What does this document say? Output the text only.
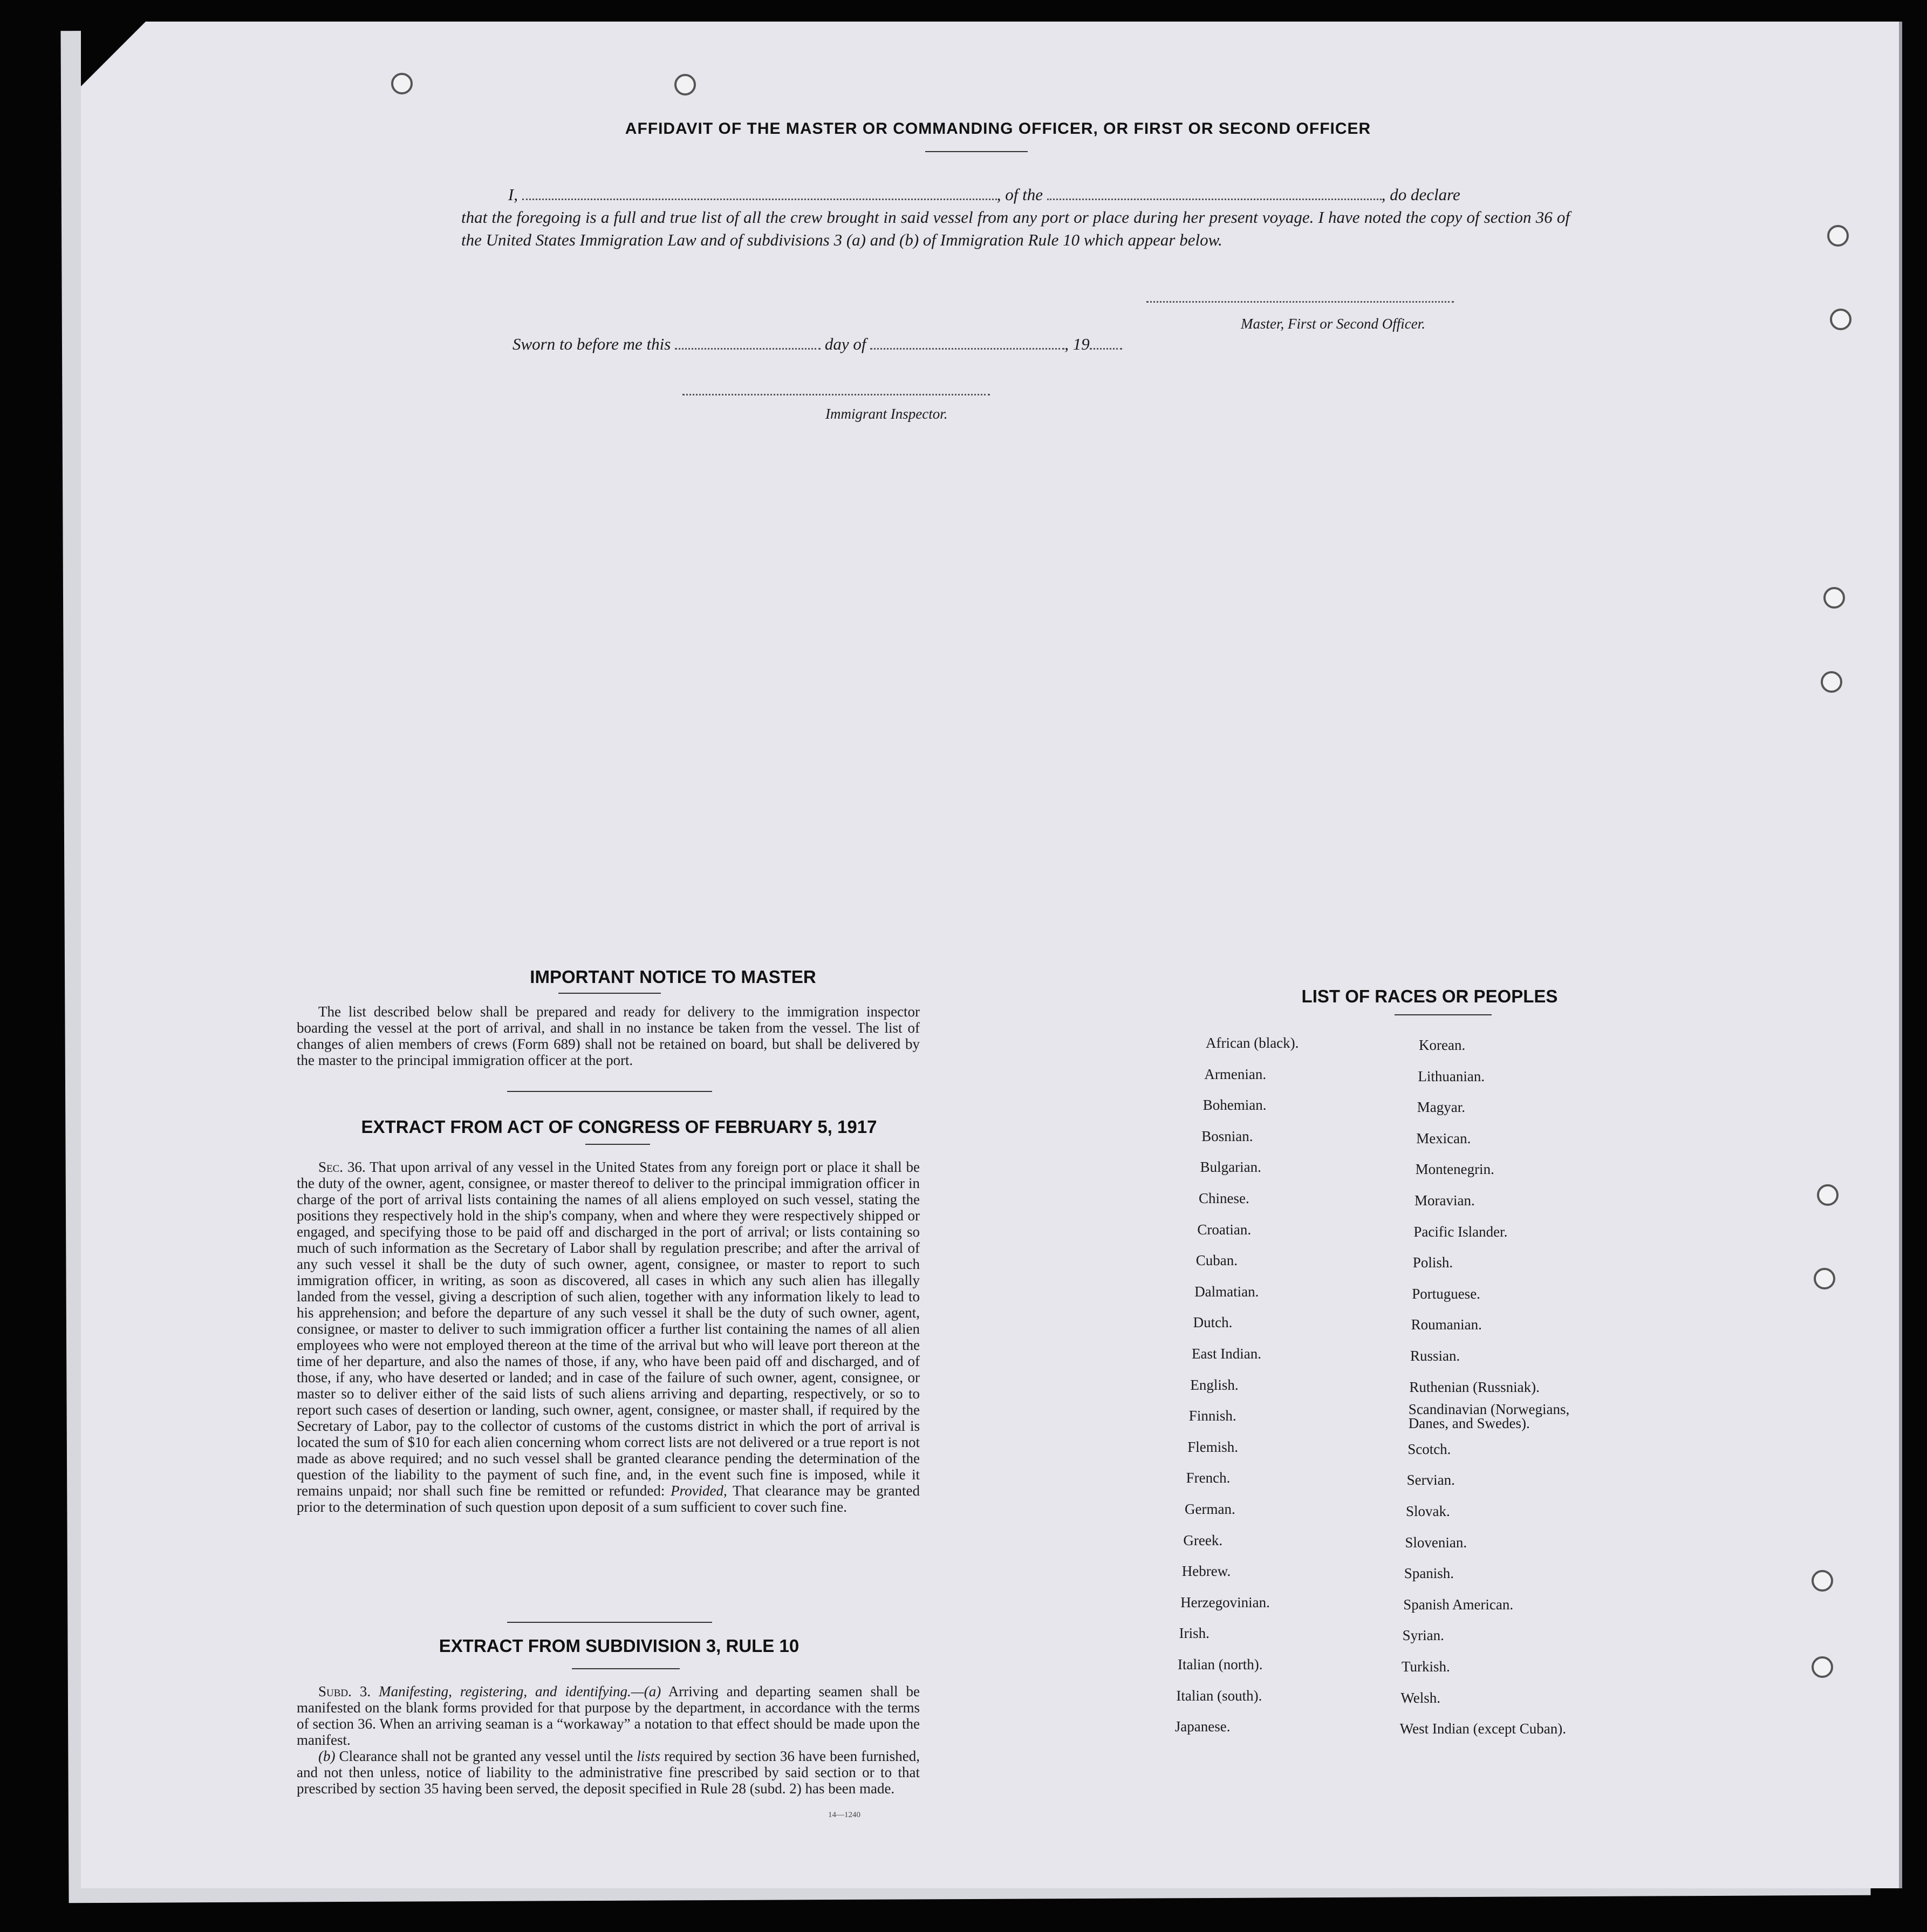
AFFIDAVIT OF THE MASTER OR COMMANDING OFFICER, OR FIRST OR SECOND OFFICER
I,	, of the	, do declare
that the foregoing is a full and true list of all the crew brought in said vessel from any port or place during her present voyage. I have noted the copy of section 36 of the United States Immigration Law and of subdivisions 3 (a) and (b) of Immigration Rule 10 which appear below.
Master, First or Second Officer.
Sworn to before me this	day of	, 19
Immigrant Inspector.
IMPORTANT NOTICE TO MASTER
The list described below shall be prepared and ready for delivery to the immigration inspector boarding the vessel at the port of arrival, and shall in no instance be taken from the vessel. The list of changes of alien members of crews (Form 689) shall not be retained on board, but shall be delivered by the master to the principal immigration officer at the port.
EXTRACT FROM ACT OF CONGRESS OF FEBRUARY 5, 1917
Sec. 36. That upon arrival of any vessel in the United States from any foreign port or place it shall be the duty of the owner, agent, consignee, or master thereof to deliver to the principal immigration officer in charge of the port of arrival lists containing the names of all aliens employed on such vessel, stating the positions they respectively hold in the ship's company, when and where they were respectively shipped or engaged, and specifying those to be paid off and discharged in the port of arrival; or lists containing so much of such information as the Secretary of Labor shall by regulation prescribe; and after the arrival of any such vessel it shall be the duty of such owner, agent, consignee, or master to report to such immigration officer, in writing, as soon as discovered, all cases in which any such alien has illegally landed from the vessel, giving a description of such alien, together with any information likely to lead to his apprehension; and before the departure of any such vessel it shall be the duty of such owner, agent, consignee, or master to deliver to such immigration officer a further list containing the names of all alien employees who were not employed thereon at the time of the arrival but who will leave port thereon at the time of her departure, and also the names of those, if any, who have been paid off and discharged, and of those, if any, who have deserted or landed; and in case of the failure of such owner, agent, consignee, or master so to deliver either of the said lists of such aliens arriving and departing, respectively, or so to report such cases of desertion or landing, such owner, agent, consignee, or master shall, if required by the Secretary of Labor, pay to the collector of customs of the customs district in which the port of arrival is located the sum of $10 for each alien concerning whom correct lists are not delivered or a true report is not made as above required; and no such vessel shall be granted clearance pending the determination of the question of the liability to the payment of such fine, and, in the event such fine is imposed, while it remains unpaid; nor shall such fine be remitted or refunded: Provided, That clearance may be granted prior to the determination of such question upon deposit of a sum sufficient to cover such fine.
EXTRACT FROM SUBDIVISION 3, RULE 10
Subd. 3. Manifesting, registering, and identifying.—(a) Arriving and departing seamen shall be manifested on the blank forms provided for that purpose by the department, in accordance with the terms of section 36. When an arriving seaman is a “workaway” a notation to that effect should be made upon the manifest.
(b) Clearance shall not be granted any vessel until the lists required by section 36 have been furnished, and not then unless, notice of liability to the administrative fine prescribed by said section or to that prescribed by section 35 having been served, the deposit specified in Rule 28 (subd. 2) has been made.
14—1240
LIST OF RACES OR PEOPLES
African (black).
Armenian.
Bohemian.
Bosnian.
Bulgarian.
Chinese.
Croatian.
Cuban.
Dalmatian.
Dutch.
East Indian.
English.
Finnish.
Flemish.
French.
German.
Greek.
Hebrew.
Herzegovinian.
Irish.
Italian (north).
Italian (south).
Japanese.
Korean.
Lithuanian.
Magyar.
Mexican.
Montenegrin.
Moravian.
Pacific Islander.
Polish.
Portuguese.
Roumanian.
Russian.
Ruthenian (Russniak).
Scandinavian (Norwegians, Danes, and Swedes).
Scotch.
Servian.
Slovak.
Slovenian.
Spanish.
Spanish American.
Syrian.
Turkish.
Welsh.
West Indian (except Cuban).
